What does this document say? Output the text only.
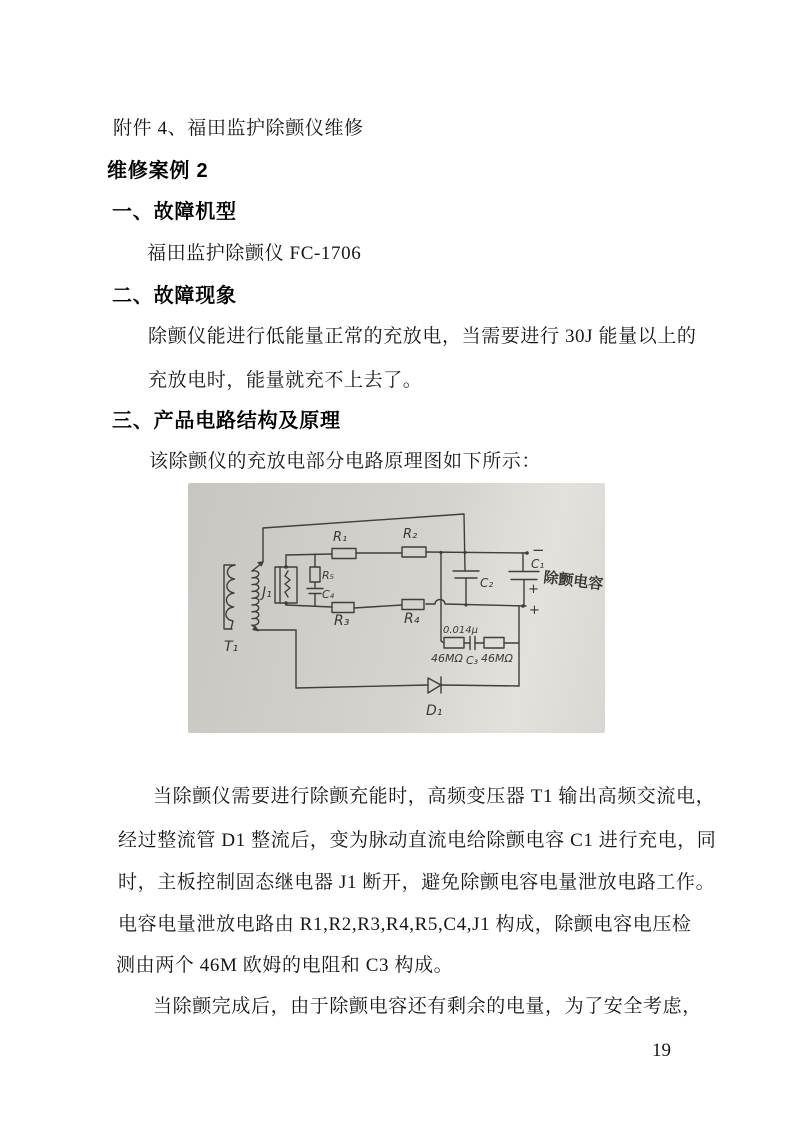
附件 4、福田监护除颤仪维修
维修案例 2
一、故障机型
福田监护除颤仪 FC-1706
二、故障现象
除颤仪能进行低能量正常的充放电，当需要进行 30J 能量以上的
充放电时，能量就充不上去了。
三、产品电路结构及原理
该除颤仪的充放电部分电路原理图如下所示：
R₁	R₂
R₅
C₄
R₃	R₄
J₁
T₁
C₂
C₁
−
+
+
0.014μ
46MΩ C₃ 46MΩ
D₁
除颤电容
当除颤仪需要进行除颤充能时，高频变压器 T1 输出高频交流电，
经过整流管 D1 整流后，变为脉动直流电给除颤电容 C1 进行充电，同
时，主板控制固态继电器 J1 断开，避免除颤电容电量泄放电路工作。
电容电量泄放电路由 R1,R2,R3,R4,R5,C4,J1 构成，除颤电容电压检
测由两个 46M 欧姆的电阻和 C3 构成。
当除颤完成后，由于除颤电容还有剩余的电量，为了安全考虑，
19
